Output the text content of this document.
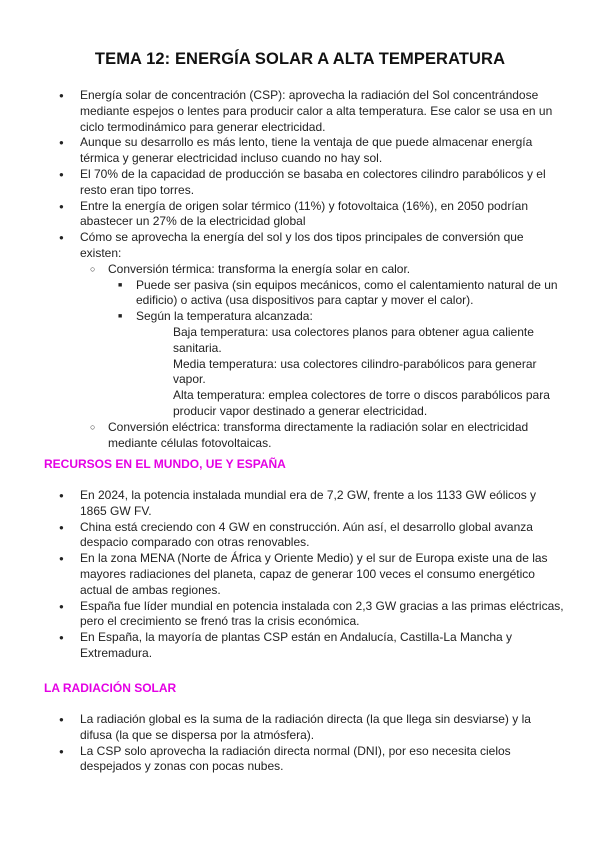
TEMA 12: ENERGÍA SOLAR A ALTA TEMPERATURA
● Energía solar de concentración (CSP): aprovecha la radiación del Sol concentrándose mediante espejos o lentes para producir calor a alta temperatura. Ese calor se usa en un ciclo termodinámico para generar electricidad.
● Aunque su desarrollo es más lento, tiene la ventaja de que puede almacenar energía térmica y generar electricidad incluso cuando no hay sol.
● El 70% de la capacidad de producción se basaba en colectores cilindro parabólicos y el resto eran tipo torres.
● Entre la energía de origen solar térmico (11%) y fotovoltaica (16%), en 2050 podrían abastecer un 27% de la electricidad global
● Cómo se aprovecha la energía del sol y los dos tipos principales de conversión que existen:
○ Conversión térmica: transforma la energía solar en calor.
■ Puede ser pasiva (sin equipos mecánicos, como el calentamiento natural de un edificio) o activa (usa dispositivos para captar y mover el calor).
■ Según la temperatura alcanzada:
Baja temperatura: usa colectores planos para obtener agua caliente sanitaria.
Media temperatura: usa colectores cilindro-parabólicos para generar vapor.
Alta temperatura: emplea colectores de torre o discos parabólicos para producir vapor destinado a generar electricidad.
○ Conversión eléctrica: transforma directamente la radiación solar en electricidad mediante células fotovoltaicas.
RECURSOS EN EL MUNDO, UE Y ESPAÑA
● En 2024, la potencia instalada mundial era de 7,2 GW, frente a los 1133 GW eólicos y 1865 GW FV.
● China está creciendo con 4 GW en construcción. Aún así, el desarrollo global avanza despacio comparado con otras renovables.
● En la zona MENA (Norte de África y Oriente Medio) y el sur de Europa existe una de las mayores radiaciones del planeta, capaz de generar 100 veces el consumo energético actual de ambas regiones.
● España fue líder mundial en potencia instalada con 2,3 GW gracias a las primas eléctricas, pero el crecimiento se frenó tras la crisis económica.
● En España, la mayoría de plantas CSP están en Andalucía, Castilla-La Mancha y Extremadura.
LA RADIACIÓN SOLAR
● La radiación global es la suma de la radiación directa (la que llega sin desviarse) y la difusa (la que se dispersa por la atmósfera).
● La CSP solo aprovecha la radiación directa normal (DNI), por eso necesita cielos despejados y zonas con pocas nubes.
